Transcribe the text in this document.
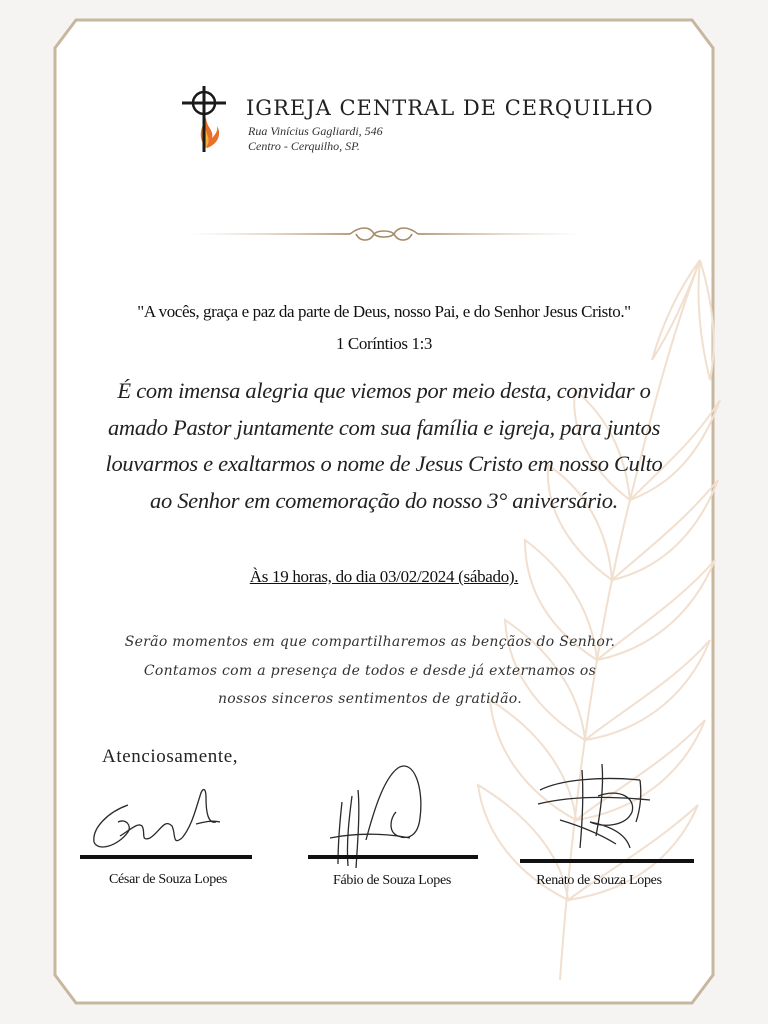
IGREJA CENTRAL DE CERQUILHO
Rua Vinícius Gagliardi, 546
Centro - Cerquilho, SP.
"A vocês, graça e paz da parte de Deus, nosso Pai, e do Senhor Jesus Cristo."
1 Coríntios 1:3
É com imensa alegria que viemos por meio desta, convidar o
amado Pastor juntamente com sua família e igreja, para juntos
louvarmos e exaltarmos o nome de Jesus Cristo em nosso Culto
ao Senhor em comemoração do nosso 3° aniversário.
Às 19 horas, do dia 03/02/2024 (sábado).
Serão momentos em que compartilharemos as bençãos do Senhor.
Contamos com a presença de todos e desde já externamos os
nossos sinceros sentimentos de gratidão.
Atenciosamente,
César de Souza Lopes	Fábio de Souza Lopes	Renato de Souza Lopes
